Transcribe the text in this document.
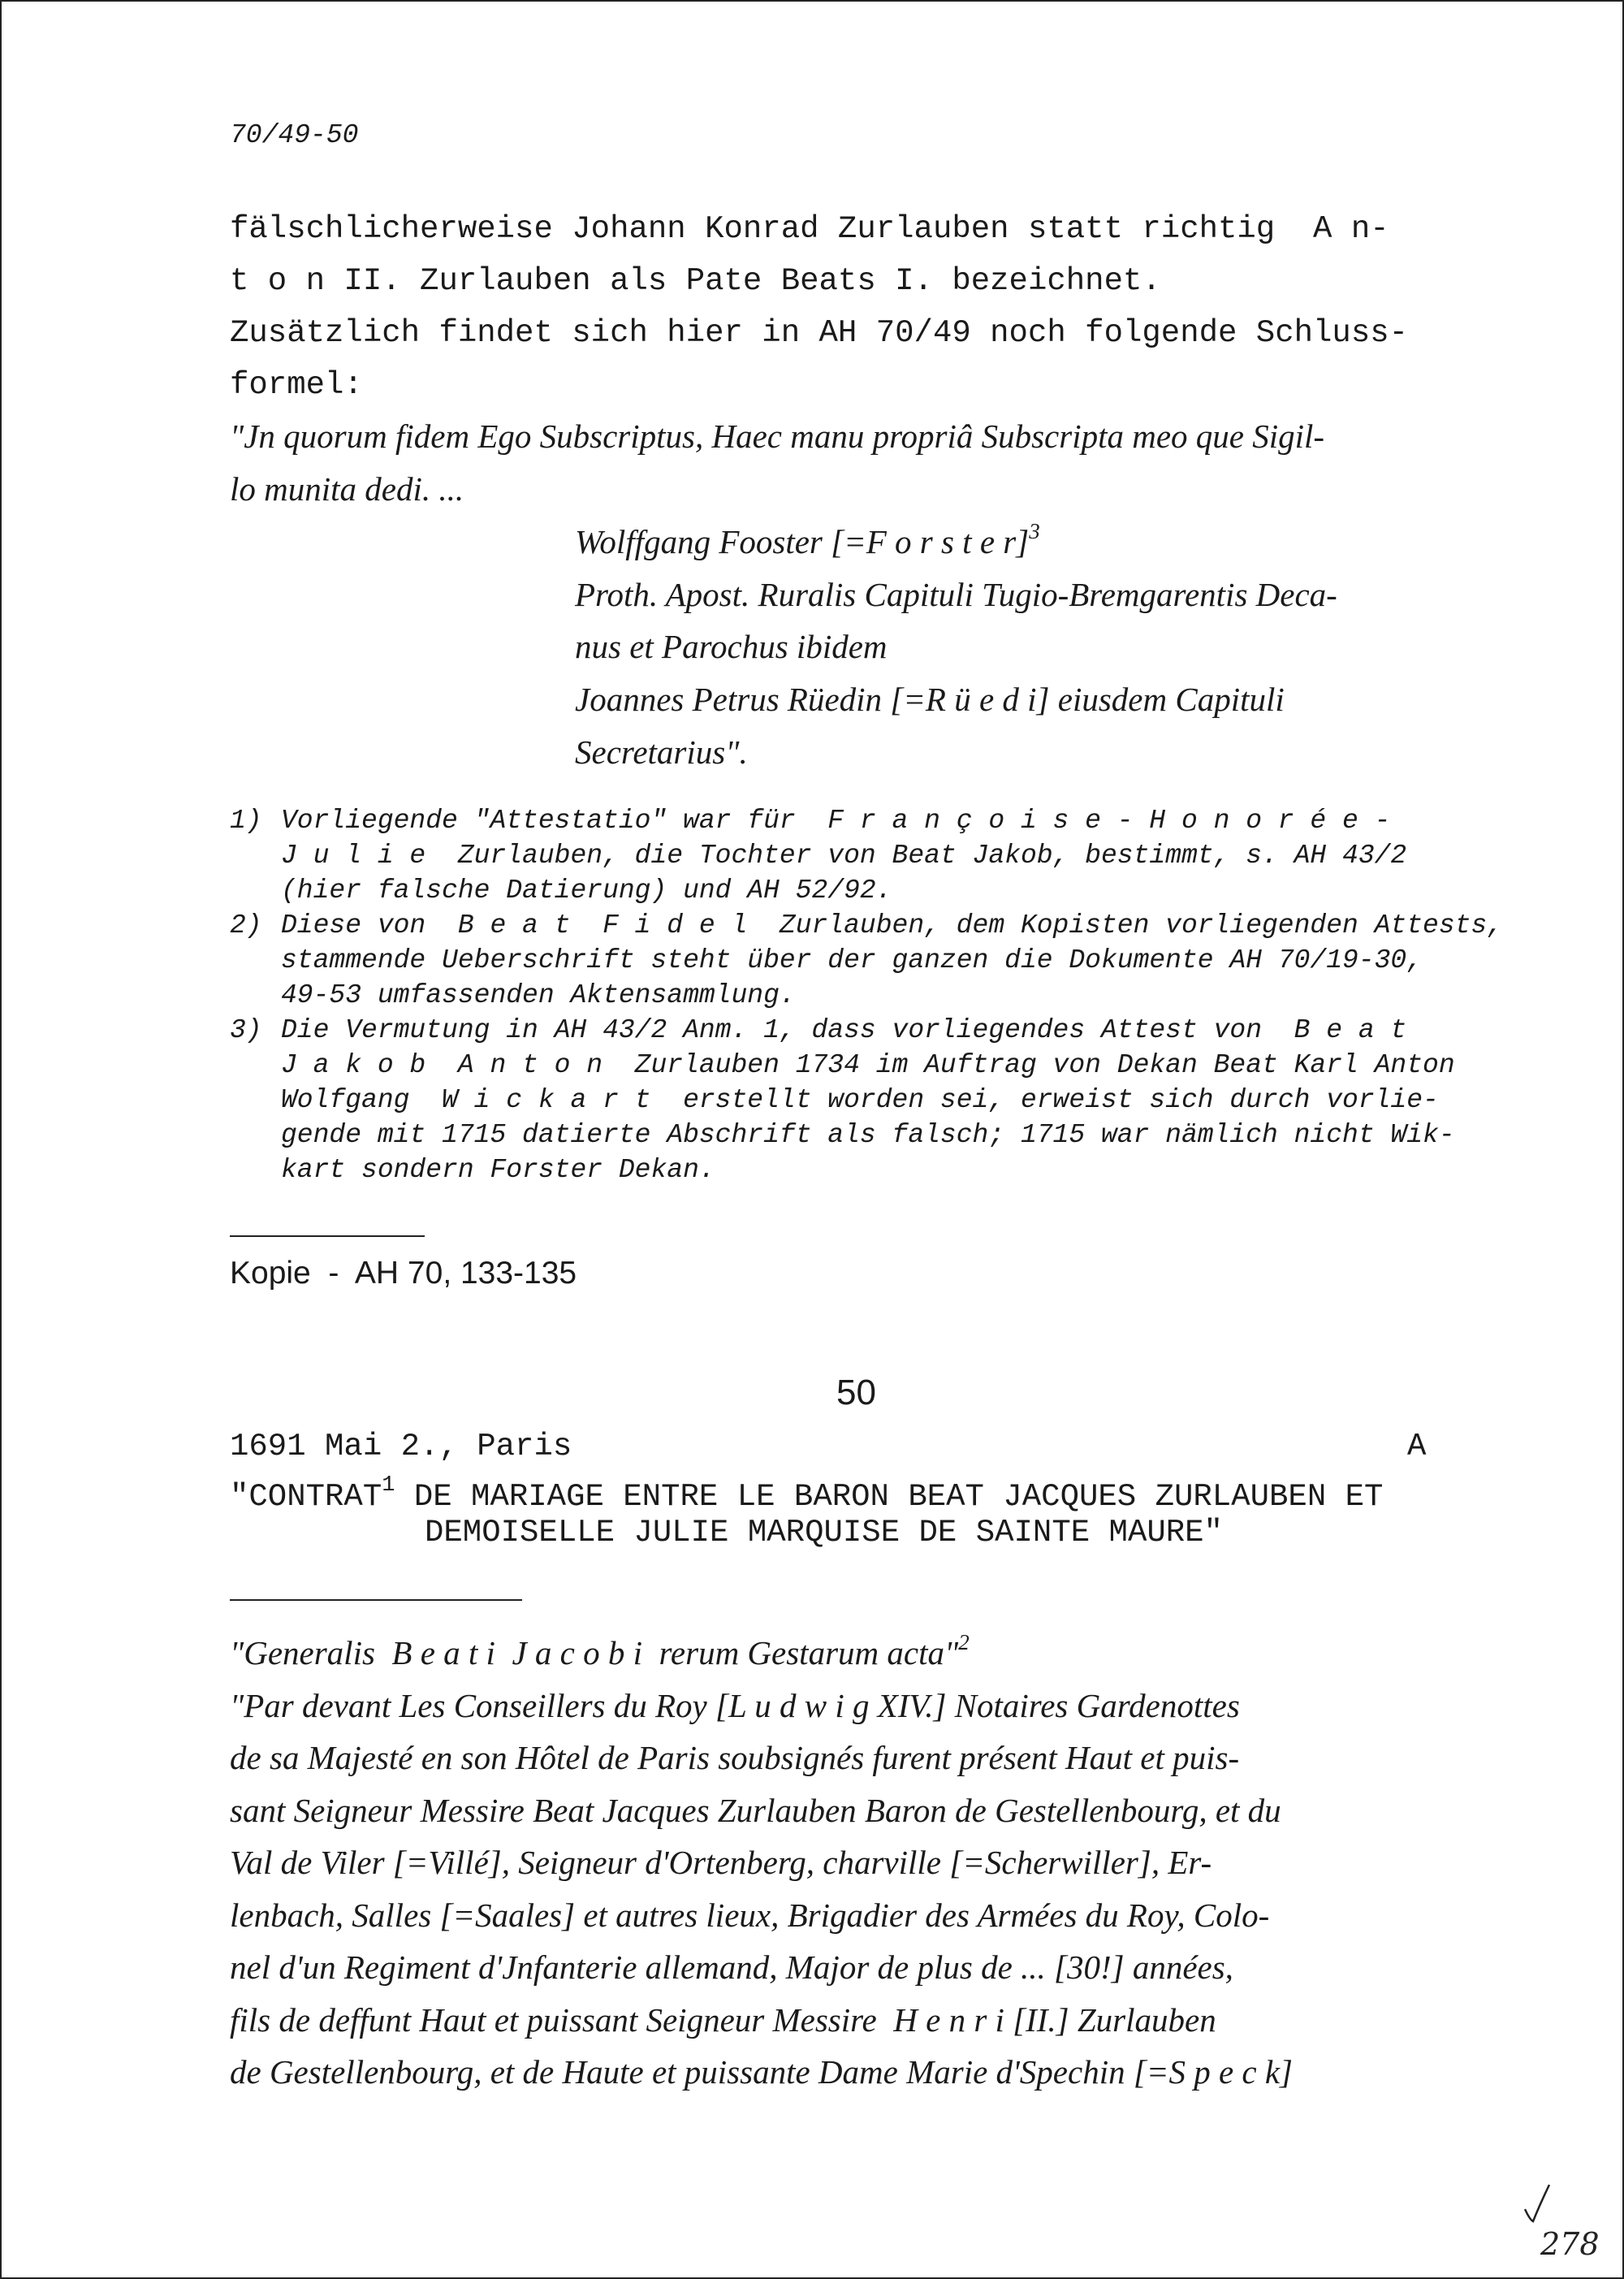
70/49-50
fälschlicherweise Johann Konrad Zurlauben statt richtig  A n-
t o n II. Zurlauben als Pate Beats I. bezeichnet.
Zusätzlich findet sich hier in AH 70/49 noch folgende Schluss-
formel:
"Jn quorum fidem Ego Subscriptus, Haec manu propriâ Subscripta meo que Sigil-
lo munita dedi. ...
Wolffgang Fooster [=F o r s t e r]$^3$
Proth. Apost. Ruralis Capituli Tugio-Bremgarentis Deca-
nus et Parochus ibidem
Joannes Petrus Rüedin [=R ü e d i] eiusdem Capituli
Secretarius".
1) Vorliegende "Attestatio" war für  F r a n ç o i s e - H o n o r é e -
J u l i e  Zurlauben, die Tochter von Beat Jakob, bestimmt, s. AH 43/2
(hier falsche Datierung) und AH 52/92.
2) Diese von  B e a t  F i d e l  Zurlauben, dem Kopisten vorliegenden Attests,
stammende Ueberschrift steht über der ganzen die Dokumente AH 70/19-30,
49-53 umfassenden Aktensammlung.
3) Die Vermutung in AH 43/2 Anm. 1, dass vorliegendes Attest von  B e a t
J a k o b  A n t o n  Zurlauben 1734 im Auftrag von Dekan Beat Karl Anton
Wolfgang  W i c k a r t  erstellt worden sei, erweist sich durch vorlie-
gende mit 1715 datierte Abschrift als falsch; 1715 war nämlich nicht Wik-
kart sondern Forster Dekan.
Kopie  -  AH 70, 133-135
50
1691 Mai 2., Paris	A
"CONTRAT$^1$ DE MARIAGE ENTRE LE BARON BEAT JACQUES ZURLAUBEN ET
DEMOISELLE JULIE MARQUISE DE SAINTE MAURE"
"Generalis  B e a t i  J a c o b i  rerum Gestarum acta"$^2$
"Par devant Les Conseillers du Roy [L u d w i g XIV.] Notaires Gardenottes
de sa Majesté en son Hôtel de Paris soubsignés furent présent Haut et puis-
sant Seigneur Messire Beat Jacques Zurlauben Baron de Gestellenbourg, et du
Val de Viler [=Villé], Seigneur d'Ortenberg, charville [=Scherwiller], Er-
lenbach, Salles [=Saales] et autres lieux, Brigadier des Armées du Roy, Colo-
nel d'un Regiment d'Jnfanterie allemand, Major de plus de ... [30!] années,
fils de deffunt Haut et puissant Seigneur Messire  H e n r i [II.] Zurlauben
de Gestellenbourg, et de Haute et puissante Dame Marie d'Spechin [=S p e c k]
278
